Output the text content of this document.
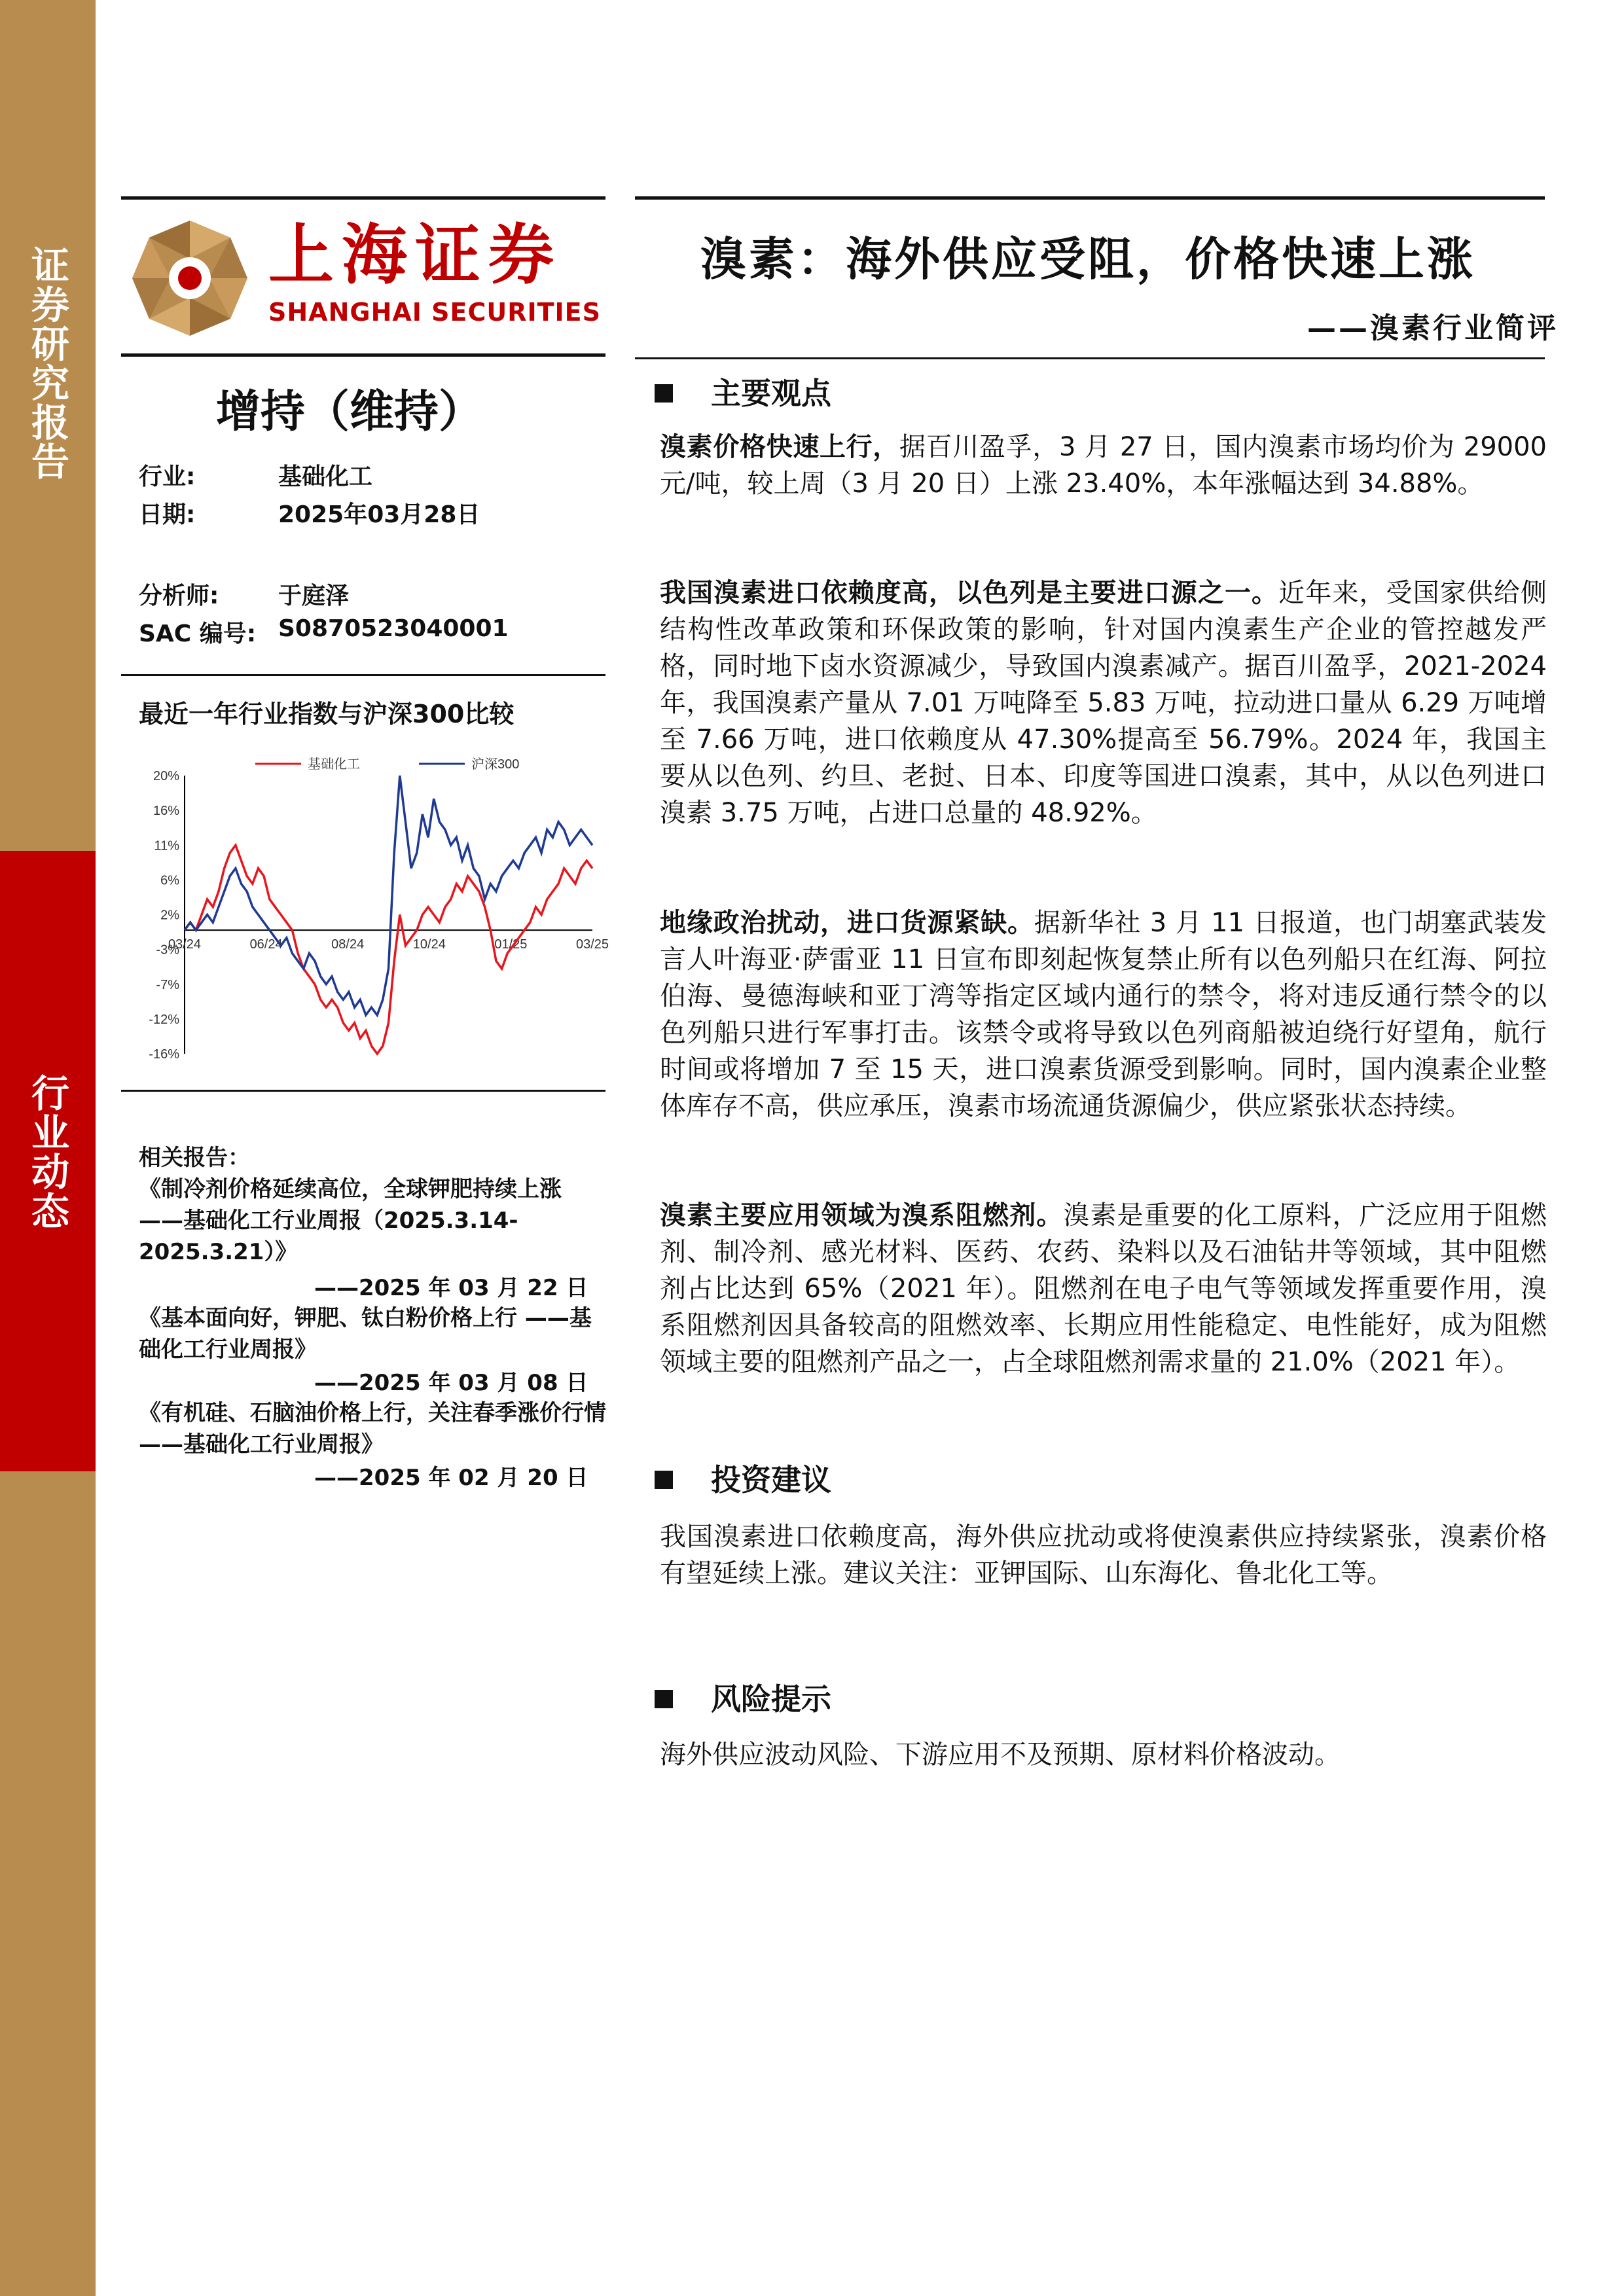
证券研究报告
行业动态
上海证券
SHANGHAI SECURITIES
增持（维持）
行业:	基础化工
日期:	2025年03月28日
分析师:	于庭泽
SAC 编号: S0870523040001
最近一年行业指数与沪深300比较
20%
16%
11%
6%
2%
-3%
-7%
-12%
-16%
03/24	06/24	08/24	10/24	01/25	03/25
基础化工	沪深300
相关报告：
《制冷剂价格延续高位，全球钾肥持续上涨 ——基础化工行业周报（2025.3.14-2025.3.21）》
——2025 年 03 月 22 日
《基本面向好，钾肥、钛白粉价格上行 ——基础化工行业周报》
——2025 年 03 月 08 日
《有机硅、石脑油价格上行，关注春季涨价行情 ——基础化工行业周报》
——2025 年 02 月 20 日
溴素：海外供应受阻，价格快速上涨
——溴素行业简评
主要观点
溴素价格快速上行，据百川盈孚，3 月 27 日，国内溴素市场均价为 29000 元/吨，较上周（3 月 20 日）上涨 23.40%，本年涨幅达到 34.88%。
我国溴素进口依赖度高，以色列是主要进口源之一。近年来，受国家供给侧结构性改革政策和环保政策的影响，针对国内溴素生产企业的管控越发严格，同时地下卤水资源减少，导致国内溴素减产。据百川盈孚，2021-2024 年，我国溴素产量从 7.01 万吨降至 5.83 万吨，拉动进口量从 6.29 万吨增至 7.66 万吨，进口依赖度从 47.30%提高至 56.79%。2024 年，我国主要从以色列、约旦、老挝、日本、印度等国进口溴素，其中，从以色列进口溴素 3.75 万吨，占进口总量的 48.92%。
地缘政治扰动，进口货源紧缺。据新华社 3 月 11 日报道，也门胡塞武装发言人叶海亚·萨雷亚 11 日宣布即刻起恢复禁止所有以色列船只在红海、阿拉伯海、曼德海峡和亚丁湾等指定区域内通行的禁令，将对违反通行禁令的以色列船只进行军事打击。该禁令或将导致以色列商船被迫绕行好望角，航行时间或将增加 7 至 15 天，进口溴素货源受到影响。同时，国内溴素企业整体库存不高，供应承压，溴素市场流通货源偏少，供应紧张状态持续。
溴素主要应用领域为溴系阻燃剂。溴素是重要的化工原料，广泛应用于阻燃剂、制冷剂、感光材料、医药、农药、染料以及石油钻井等领域，其中阻燃剂占比达到 65%（2021 年）。阻燃剂在电子电气等领域发挥重要作用，溴系阻燃剂因具备较高的阻燃效率、长期应用性能稳定、电性能好，成为阻燃领域主要的阻燃剂产品之一，占全球阻燃剂需求量的 21.0%（2021 年）。
投资建议
我国溴素进口依赖度高，海外供应扰动或将使溴素供应持续紧张，溴素价格有望延续上涨。建议关注：亚钾国际、山东海化、鲁北化工等。
风险提示
海外供应波动风险、下游应用不及预期、原材料价格波动。
